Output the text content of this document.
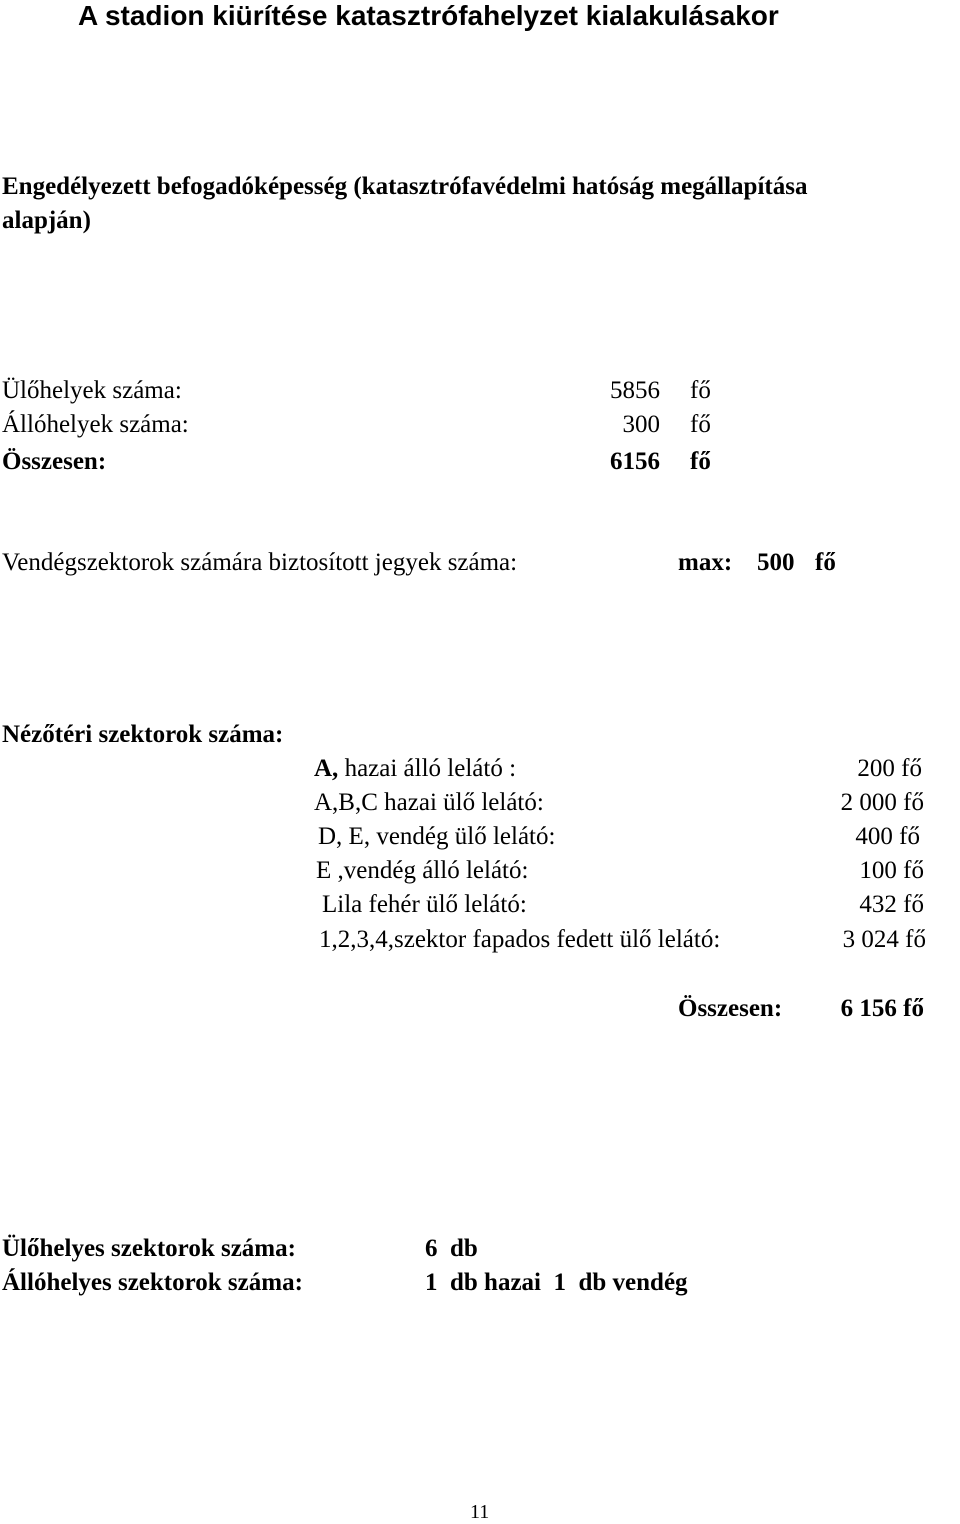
A stadion kiürítése katasztrófahelyzet kialakulásakor
Engedélyezett befogadóképesség (katasztrófavédelmi hatóság megállapítása
alapján)
Ülőhelyek száma:	5856 fő
Állóhelyek száma:	300 fő
Összesen:	6156 fő
Vendégszektorok számára biztosított jegyek száma:	max: 500 fő
Nézőtéri szektorok száma:
A, hazai álló lelátó :	200 fő
A,B,C hazai ülő lelátó:	2 000 fő
D, E, vendég ülő lelátó:	400 fő
E ,vendég álló lelátó:	100 fő
Lila fehér ülő lelátó:	432 fő
1,2,3,4,szektor fapados fedett ülő lelátó:	3 024 fő
Összesen: 6 156 fő
Ülőhelyes szektorok száma:	6  db
Állóhelyes szektorok száma:	1  db hazai  1  db vendég
11
